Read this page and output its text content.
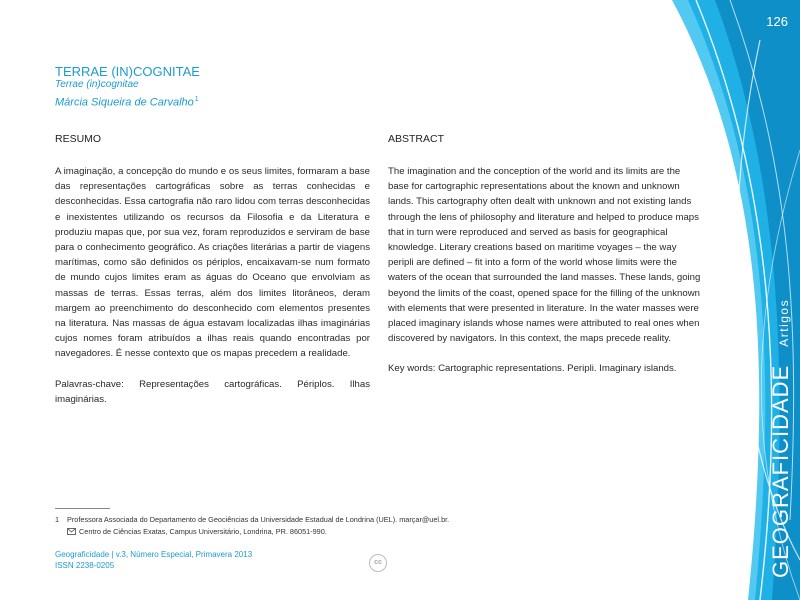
126
GEOGRAFICIDADEArtigos
TERRAE (IN)COGNITAE
Terrae (in)cognitae
Márcia Siqueira de Carvalho$^1$
RESUMO
A imaginação, a concepção do mundo e os seus limites, formaram a base das representações cartográficas sobre as terras conhecidas e desconhecidas. Essa cartografia não raro lidou com terras desconhecidas e inexistentes utilizando os recursos da Filosofia e da Literatura e produziu mapas que, por sua vez, foram reproduzidos e serviram de base para o conhecimento geográfico. As criações literárias a partir de viagens marítimas, como são definidos os périplos, encaixavam-se num formato de mundo cujos limites eram as águas do Oceano que envolviam as massas de terras. Essas terras, além dos limites litorâneos, deram margem ao preenchimento do desconhecido com elementos presentes na literatura. Nas massas de água estavam localizadas ilhas imaginárias cujos nomes foram atribuídos a ilhas reais quando encontradas por navegadores. É nesse contexto que os mapas precedem a realidade.
Palavras-chave: Representações cartográficas. Périplos. Ilhas imaginárias.
ABSTRACT
The imagination and the conception of the world and its limits are the base for cartographic representations about the known and unknown lands. This cartography often dealt with unknown and not existing lands through the lens of philosophy and literature and helped to produce maps that in turn were reproduced and served as basis for geographical knowledge. Literary creations based on maritime voyages – the way peripli are defined – fit into a form of the world whose limits were the waters of the ocean that surrounded the land masses. These lands, going beyond the limits of the coast, opened space for the filling of the unknown with elements that were presented in literature. In the water masses were placed imaginary islands whose names were attributed to real ones when discovered by navigators. In this context, the maps precede reality.
Key words: Cartographic representations. Peripli. Imaginary islands.
1 Professora Associada do Departamento de Geociências da Universidade Estadual de Londrina (UEL). marçar@uel.br.
Centro de Ciências Exatas, Campus Universitário, Londrina, PR. 86051-990.
Geograficidade | v.3, Número Especial, Primavera 2013
ISSN 2238-0205	cc
